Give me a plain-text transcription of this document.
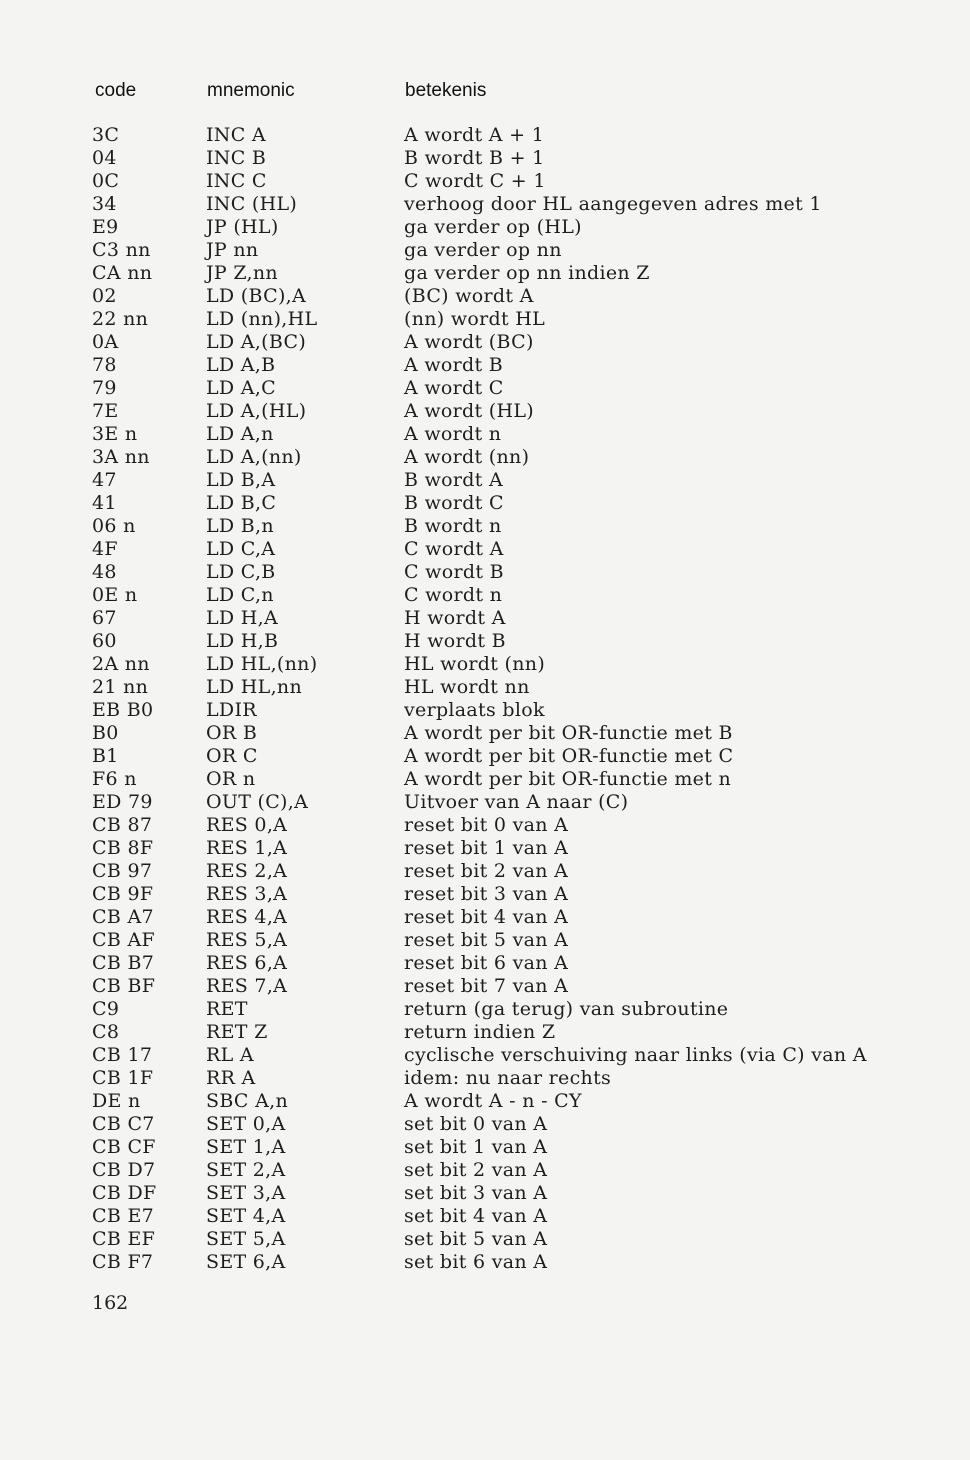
code	mnemonic	betekenis
3C	INC A	A wordt A + 1
04	INC B	B wordt B + 1
0C	INC C	C wordt C + 1
34	INC (HL)	verhoog door HL aangegeven adres met 1
E9	JP (HL)	ga verder op (HL)
C3 nn	JP nn	ga verder op nn
CA nn	JP Z,nn	ga verder op nn indien Z
02	LD (BC),A	(BC) wordt A
22 nn	LD (nn),HL	(nn) wordt HL
0A	LD A,(BC)	A wordt (BC)
78	LD A,B	A wordt B
79	LD A,C	A wordt C
7E	LD A,(HL)	A wordt (HL)
3E n	LD A,n	A wordt n
3A nn	LD A,(nn)	A wordt (nn)
47	LD B,A	B wordt A
41	LD B,C	B wordt C
06 n	LD B,n	B wordt n
4F	LD C,A	C wordt A
48	LD C,B	C wordt B
0E n	LD C,n	C wordt n
67	LD H,A	H wordt A
60	LD H,B	H wordt B
2A nn	LD HL,(nn)	HL wordt (nn)
21 nn	LD HL,nn	HL wordt nn
EB B0	LDIR	verplaats blok
B0	OR B	A wordt per bit OR-functie met B
B1	OR C	A wordt per bit OR-functie met C
F6 n	OR n	A wordt per bit OR-functie met n
ED 79	OUT (C),A	Uitvoer van A naar (C)
CB 87	RES 0,A	reset bit 0 van A
CB 8F	RES 1,A	reset bit 1 van A
CB 97	RES 2,A	reset bit 2 van A
CB 9F	RES 3,A	reset bit 3 van A
CB A7	RES 4,A	reset bit 4 van A
CB AF	RES 5,A	reset bit 5 van A
CB B7	RES 6,A	reset bit 6 van A
CB BF	RES 7,A	reset bit 7 van A
C9	RET	return (ga terug) van subroutine
C8	RET Z	return indien Z
CB 17	RL A	cyclische verschuiving naar links (via C) van A
CB 1F	RR A	idem: nu naar rechts
DE n	SBC A,n	A wordt A - n - CY
CB C7	SET 0,A	set bit 0 van A
CB CF	SET 1,A	set bit 1 van A
CB D7	SET 2,A	set bit 2 van A
CB DF	SET 3,A	set bit 3 van A
CB E7	SET 4,A	set bit 4 van A
CB EF	SET 5,A	set bit 5 van A
CB F7	SET 6,A	set bit 6 van A
162
